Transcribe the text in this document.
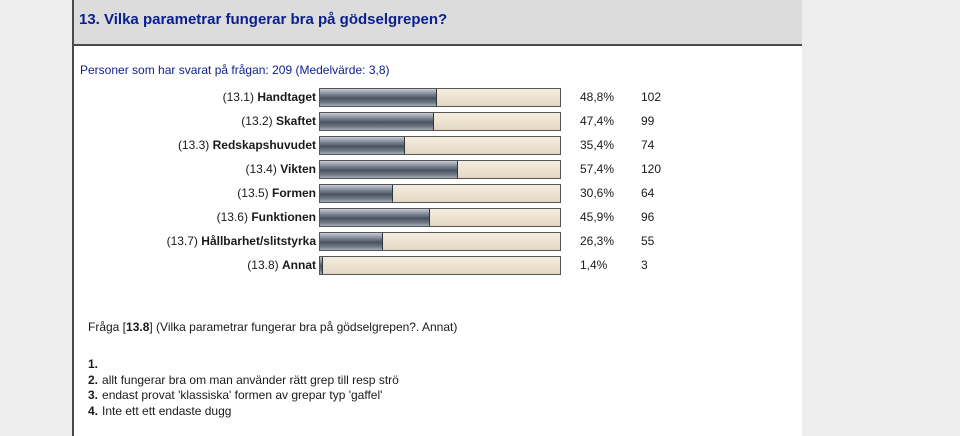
13. Vilka parametrar fungerar bra på gödselgrepen?
Personer som har svarat på frågan: 209 (Medelvärde: 3,8)
(13.1) Handtaget	48,8% 102
(13.2) Skaftet	47,4% 99
(13.3) Redskapshuvudet	35,4% 74
(13.4) Vikten	57,4% 120
(13.5) Formen	30,6% 64
(13.6) Funktionen	45,9% 96
(13.7) Hållbarhet/slitstyrka	26,3% 55
(13.8) Annat	1,4%	3
Fråga [13.8] (Vilka parametrar fungerar bra på gödselgrepen?. Annat)
1.
2. allt fungerar bra om man använder rätt grep till resp strö
3. endast provat 'klassiska' formen av grepar typ 'gaffel'
4. Inte ett ett endaste dugg
